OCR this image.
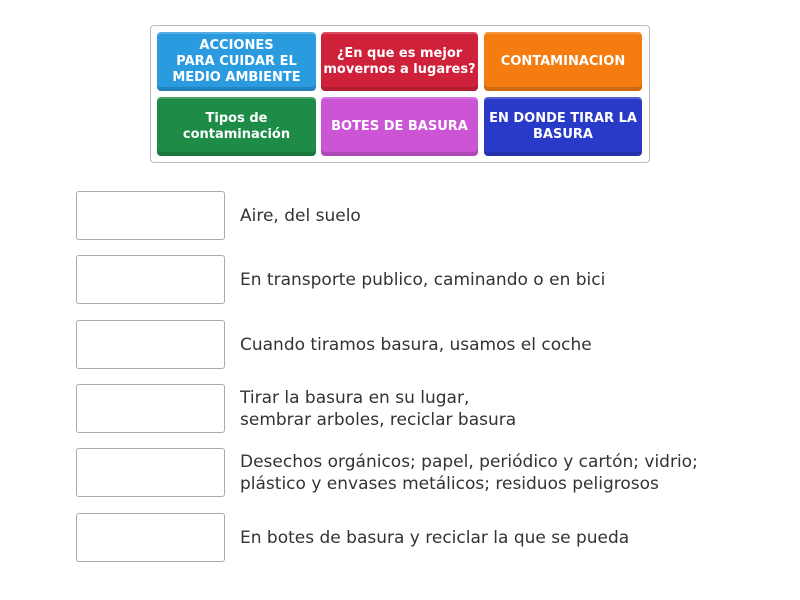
ACCIONES
PARA CUIDAR EL
MEDIO AMBIENTE
¿En que es mejor movernos a lugares?
CONTAMINACION
Tipos de contaminación
BOTES DE BASURA
EN DONDE TIRAR LA BASURA
Aire, del suelo
En transporte publico, caminando o en bici
Cuando tiramos basura, usamos el coche
Tirar la basura en su lugar,
sembrar arboles, reciclar basura
Desechos orgánicos; papel, periódico y cartón; vidrio;
plástico y envases metálicos; residuos peligrosos
En botes de basura y reciclar la que se pueda
